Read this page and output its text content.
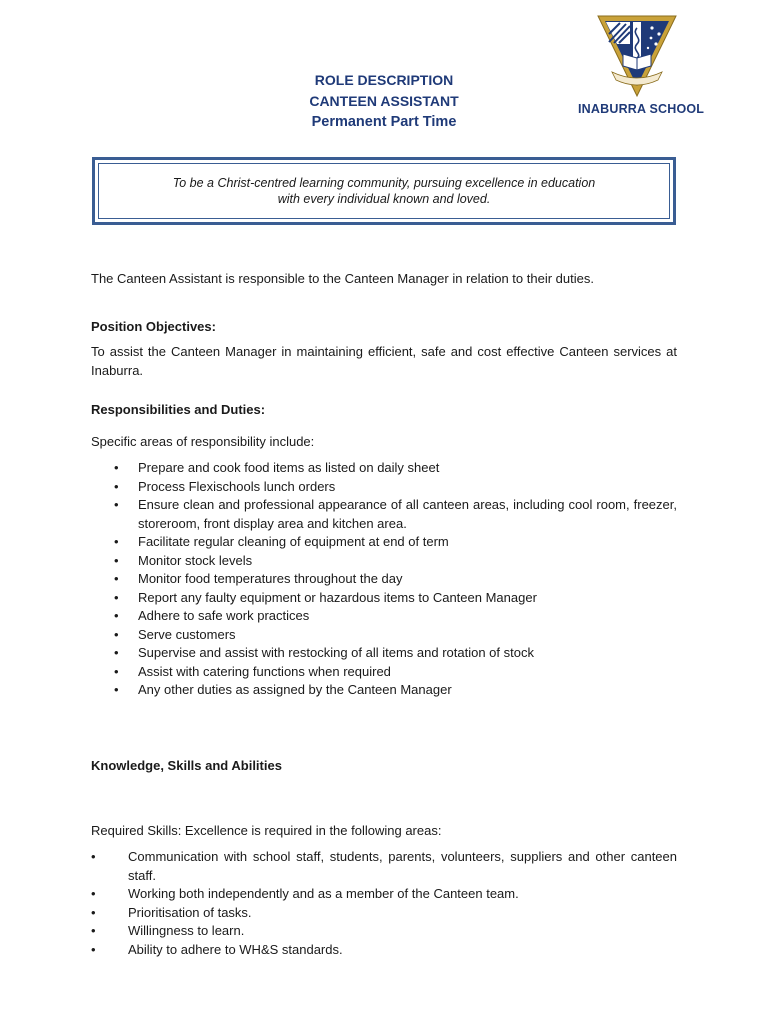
ROLE DESCRIPTION
CANTEEN ASSISTANT
Permanent Part Time
INABURRA SCHOOL
To be a Christ-centred learning community, pursuing excellence in education
with every individual known and loved.
The Canteen Assistant is responsible to the Canteen Manager in relation to their duties.
Position Objectives:
To assist the Canteen Manager in maintaining efficient, safe and cost effective Canteen services at Inaburra.
Responsibilities and Duties:
Specific areas of responsibility include:
• Prepare and cook food items as listed on daily sheet
• Process Flexischools lunch orders
• Ensure clean and professional appearance of all canteen areas, including cool room, freezer, storeroom, front display area and kitchen area.
• Facilitate regular cleaning of equipment at end of term
• Monitor stock levels
• Monitor food temperatures throughout the day
• Report any faulty equipment or hazardous items to Canteen Manager
• Adhere to safe work practices
• Serve customers
• Supervise and assist with restocking of all items and rotation of stock
• Assist with catering functions when required
• Any other duties as assigned by the Canteen Manager
Knowledge, Skills and Abilities
Required Skills: Excellence is required in the following areas:
• Communication with school staff, students, parents, volunteers, suppliers and other canteen staff.
• Working both independently and as a member of the Canteen team.
• Prioritisation of tasks.
• Willingness to learn.
• Ability to adhere to WH&S standards.
